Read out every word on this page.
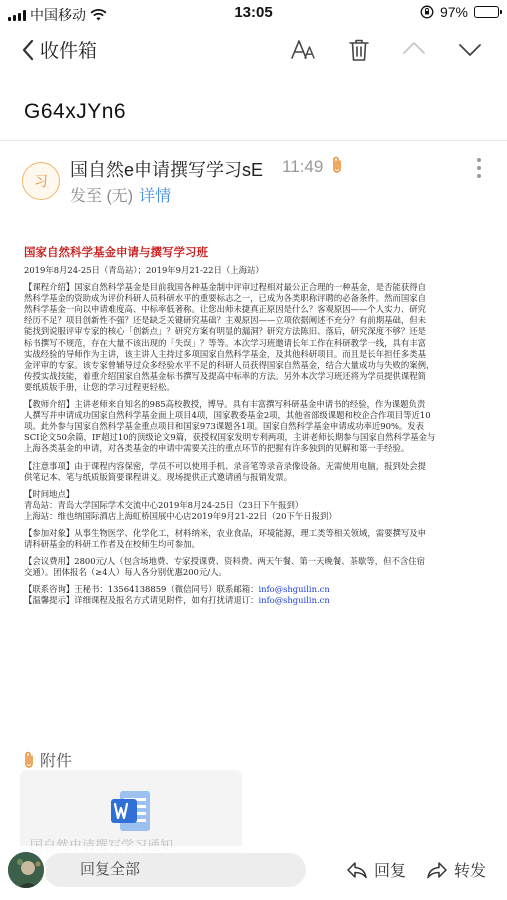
中国移动	13:05	97%
收件箱
G64xJYn6
习
国自然e申请撰写学习sE 11:49
发至 (无) 详情
国家自然科学基金申请与撰写学习班
2019年8月24-25日（青岛站）；2019年9月21-22日（上海站）
【课程介绍】国家自然科学基金是目前我国各种基金制中评审过程相对最公正合理的一种基金，是否能获得自
然科学基金的资助成为评价科研人员科研水平的重要标志之一，已成为各类职称评聘的必备条件。然而国家自
然科学基金一向以申请难度高、中标率低著称。让您出师未捷真正原因是什么？客观原因——个人实力、研究
经历不足？项目创新性不强？还是缺乏关键研究基础？主观原因——立项依据阐述不充分？有前期基础，但未
能找到说服评审专家的核心「创新点」？研究方案有明显的漏洞？研究方法陈旧、落后，研究深度不够？还是
标书撰写不规范，存在大量不该出现的「失误」？等等。本次学习班邀请长年工作在科研教学一线，具有丰富
实战经验的导师作为主讲，该主讲人主持过多项国家自然科学基金，及其他科研项目。而且是长年担任多类基
金评审的专家。该专家曾辅导过众多经验水平不足的科研人员获得国家自然基金，结合大量成功与失败的案例，
传授实战技能，着重介绍国家自然基金标书撰写及提高中标率的方法。另外本次学习班还将为学员提供课程简
要纸质版手册，让您的学习过程更轻松。
【教师介绍】主讲老师来自知名的985高校教授，博导。具有丰富撰写科研基金申请书的经验，作为课题负责
人撰写并申请成功国家自然科学基金面上项目4项，国家教委基金2项，其他省部级课题和校企合作项目等近10
项。此外参与国家自然科学基金重点项目和国家973课题各1项。国家自然科学基金申请成功率近90%。发表
SCI论文50余篇，IF超过10的顶级论文9篇，获授权国家发明专利两项，主讲老师长期参与国家自然科学基金与
上海各类基金的申请，对各类基金的申请中需要关注的重点环节的把握有许多独到的见解和第一手经验。
【注意事项】由于课程内容保密，学员不可以使用手机、录音笔等录音录像设备。无需使用电脑，报到处会提
供笔记本、笔与纸质版简要课程讲义。现场提供正式邀请函与报销发票。
【时间地点】
青岛站：青岛大学国际学术交流中心2019年8月24-25日（23日下午报到）
上海站：维也纳国际酒店上海虹桥国展中心店2019年9月21-22日（20下午日报到）
【参加对象】从事生物医学、化学化工，材料纳米，农业食品，环境能源，理工类等相关领域，需要撰写及申
请科研基金的科研工作者及在校师生均可参加。
【会议费用】2800元/人（包含场地费、专家授课费、资料费、两天午餐、第一天晚餐、茶歇等，但不含住宿
交通）。团体报名（≥4人）每人各分别优惠200元/人。
【联系咨询】王秘书：13564138859（微信同号）联系邮箱：info@shguilin.cn
【温馨提示】详细课程及报名方式请见附件，如有打扰请退订：info@shguilin.cn
附件
回复全部	回复	转发
